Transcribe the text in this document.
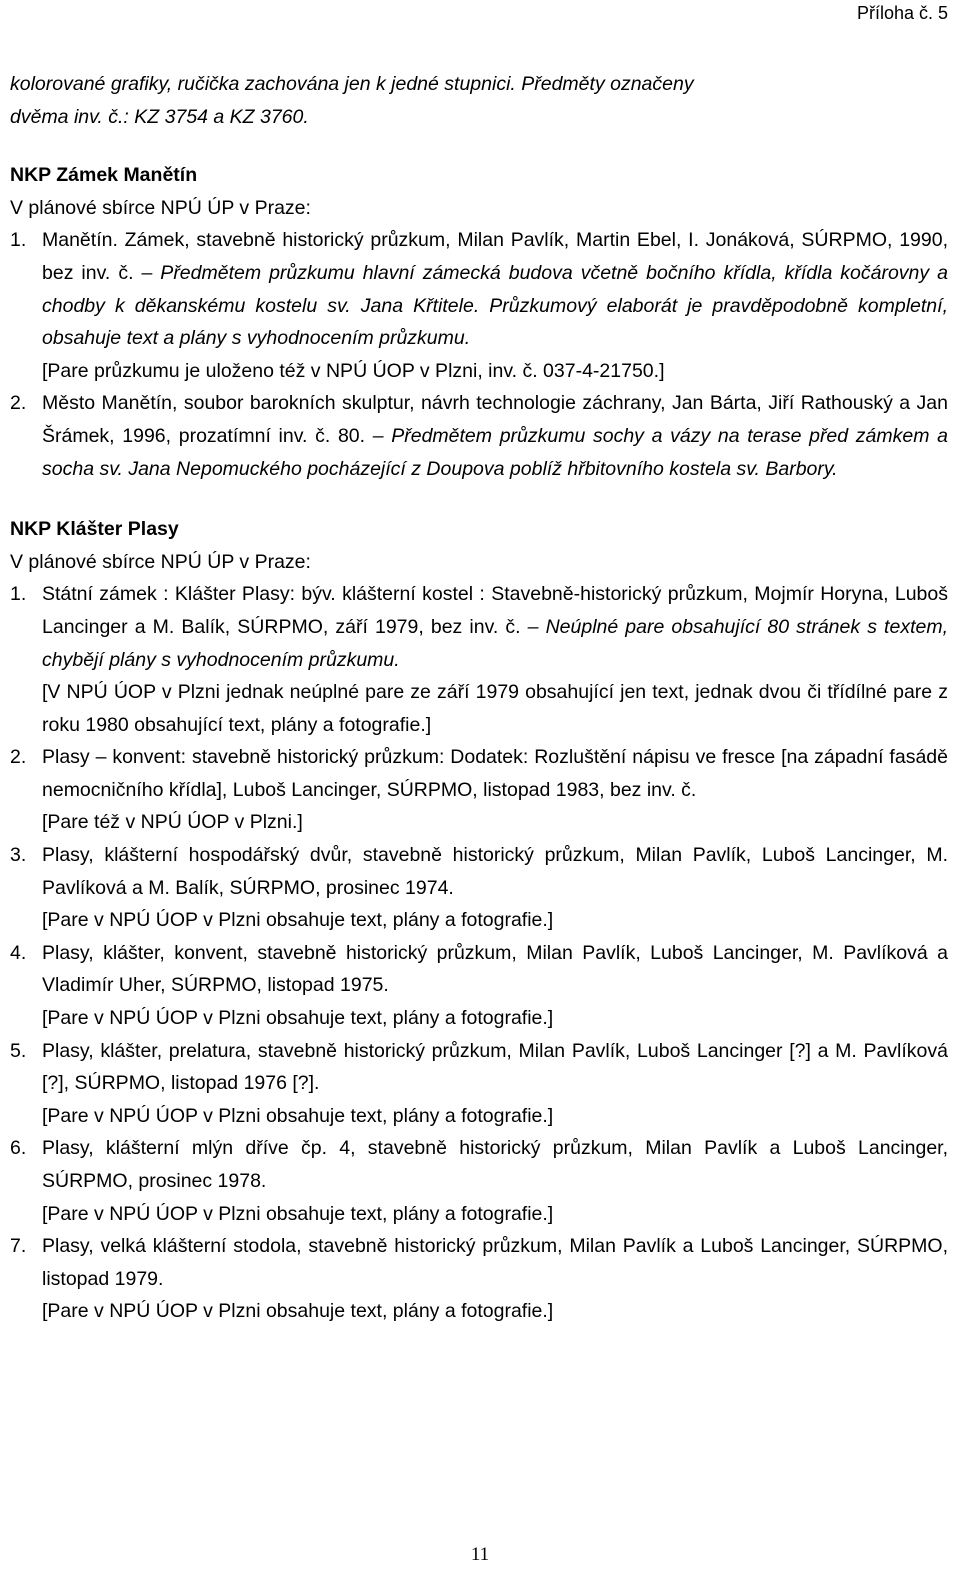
Příloha č. 5

kolorované grafiky, ručička zachována jen k jedné stupnici. Předměty označeny
dvěma inv. č.: KZ 3754 a KZ 3760.

NKP Zámek Manětín

V plánové sbírce NPÚ ÚP v Praze:

1. Manětín. Zámek, stavebně historický průzkum, Milan Pavlík, Martin Ebel, I. Jonáková, SÚRPMO, 1990, bez inv. č. – Předmětem průzkumu hlavní zámecká budova včetně bočního křídla, křídla kočárovny a chodby k děkanskému kostelu sv. Jana Křtitele. Průzkumový elaborát je pravděpodobně kompletní, obsahuje text a plány s vyhodnocením průzkumu.

[Pare průzkumu je uloženo též v NPÚ ÚOP v Plzni, inv. č. 037-4-21750.]

2. Město Manětín, soubor barokních skulptur, návrh technologie záchrany, Jan Bárta, Jiří Rathouský a Jan Šrámek, 1996, prozatímní inv. č. 80. – Předmětem průzkumu sochy a vázy na terase před zámkem a socha sv. Jana Nepomuckého pocházející z Doupova poblíž hřbitovního kostela sv. Barbory.

NKP Klášter Plasy

V plánové sbírce NPÚ ÚP v Praze:

1. Státní zámek : Klášter Plasy: býv. klášterní kostel : Stavebně-historický průzkum, Mojmír Horyna, Luboš Lancinger a M. Balík, SÚRPMO, září 1979, bez inv. č. – Neúplné pare obsahující 80 stránek s textem, chybějí plány s vyhodnocením průzkumu.

[V NPÚ ÚOP v Plzni jednak neúplné pare ze září 1979 obsahující jen text, jednak dvou či třídílné pare z roku 1980 obsahující text, plány a fotografie.]

2. Plasy – konvent: stavebně historický průzkum: Dodatek: Rozluštění nápisu ve fresce [na západní fasádě nemocničního křídla], Luboš Lancinger, SÚRPMO, listopad 1983, bez inv. č.

[Pare též v NPÚ ÚOP v Plzni.]

3. Plasy, klášterní hospodářský dvůr, stavebně historický průzkum, Milan Pavlík, Luboš Lancinger, M. Pavlíková a M. Balík, SÚRPMO, prosinec 1974.

[Pare v NPÚ ÚOP v Plzni obsahuje text, plány a fotografie.]

4. Plasy, klášter, konvent, stavebně historický průzkum, Milan Pavlík, Luboš Lancinger, M. Pavlíková a Vladimír Uher, SÚRPMO, listopad 1975.

[Pare v NPÚ ÚOP v Plzni obsahuje text, plány a fotografie.]

5. Plasy, klášter, prelatura, stavebně historický průzkum, Milan Pavlík, Luboš Lancinger [?] a M. Pavlíková [?], SÚRPMO, listopad 1976 [?].

[Pare v NPÚ ÚOP v Plzni obsahuje text, plány a fotografie.]

6. Plasy, klášterní mlýn dříve čp. 4, stavebně historický průzkum, Milan Pavlík a Luboš Lancinger, SÚRPMO, prosinec 1978.

[Pare v NPÚ ÚOP v Plzni obsahuje text, plány a fotografie.]

7. Plasy, velká klášterní stodola, stavebně historický průzkum, Milan Pavlík a Luboš Lancinger, SÚRPMO, listopad 1979.

[Pare v NPÚ ÚOP v Plzni obsahuje text, plány a fotografie.]

11
